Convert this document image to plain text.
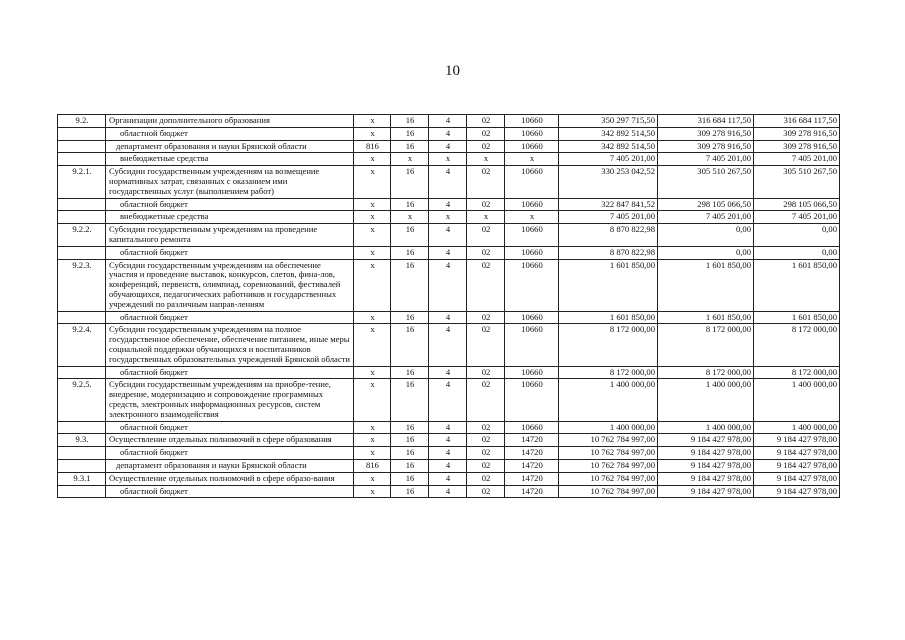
10
9.2.	Организации дополнительного образования	x	16	4	02	10660	350 297 715,50	316 684 117,50	316 684 117,50
	областной бюджет	x	16	4	02	10660	342 892 514,50	309 278 916,50	309 278 916,50
	департамент образования и науки Брянской области	816	16	4	02	10660	342 892 514,50	309 278 916,50	309 278 916,50
	внебюджетные средства	x	x	x	x	x	7 405 201,00	7 405 201,00	7 405 201,00
9.2.1.	Субсидии государственным учреждениям на возмещение нормативных затрат, связанных с оказанием ими государственных услуг (выполнением работ)	x	16	4	02	10660	330 253 042,52	305 510 267,50	305 510 267,50
	областной бюджет	x	16	4	02	10660	322 847 841,52	298 105 066,50	298 105 066,50
	внебюджетные средства	x	x	x	x	x	7 405 201,00	7 405 201,00	7 405 201,00
9.2.2.	Субсидии государственным учреждениям на проведение капитального ремонта	x	16	4	02	10660	8 870 822,98	0,00	0,00
	областной бюджет	x	16	4	02	10660	8 870 822,98	0,00	0,00
9.2.3.	Субсидии государственным учреждениям на обеспечение участия и проведение выставок, конкурсов, слетов, фина-лов, конференций, первенств, олимпиад, соревнований, фестивалей обучающихся, педагогических работников и государственных учреждений по различным направ-лениям	x	16	4	02	10660	1 601 850,00	1 601 850,00	1 601 850,00
	областной бюджет	x	16	4	02	10660	1 601 850,00	1 601 850,00	1 601 850,00
9.2.4.	Субсидии государственным учреждениям на полное государственное обеспечение, обеспечение питанием, иные меры социальной поддержки обучающихся и воспитанников государственных образовательных учреждений Брянской области	x	16	4	02	10660	8 172 000,00	8 172 000,00	8 172 000,00
	областной бюджет	x	16	4	02	10660	8 172 000,00	8 172 000,00	8 172 000,00
9.2.5.	Субсидии государственным учреждениям на приобре-тение, внедрение, модернизацию и сопровождение программных средств, электронных информационных ресурсов, систем электронного взаимодействия	x	16	4	02	10660	1 400 000,00	1 400 000,00	1 400 000,00
	областной бюджет	x	16	4	02	10660	1 400 000,00	1 400 000,00	1 400 000,00
9.3.	Осуществление отдельных полномочий в сфере образования	x	16	4	02	14720	10 762 784 997,00	9 184 427 978,00	9 184 427 978,00
	областной бюджет	x	16	4	02	14720	10 762 784 997,00	9 184 427 978,00	9 184 427 978,00
	департамент образования и науки Брянской области	816	16	4	02	14720	10 762 784 997,00	9 184 427 978,00	9 184 427 978,00
9.3.1	Осуществление отдельных полномочий в сфере образо-вания	x	16	4	02	14720	10 762 784 997,00	9 184 427 978,00	9 184 427 978,00
	областной бюджет	x	16	4	02	14720	10 762 784 997,00	9 184 427 978,00	9 184 427 978,00
